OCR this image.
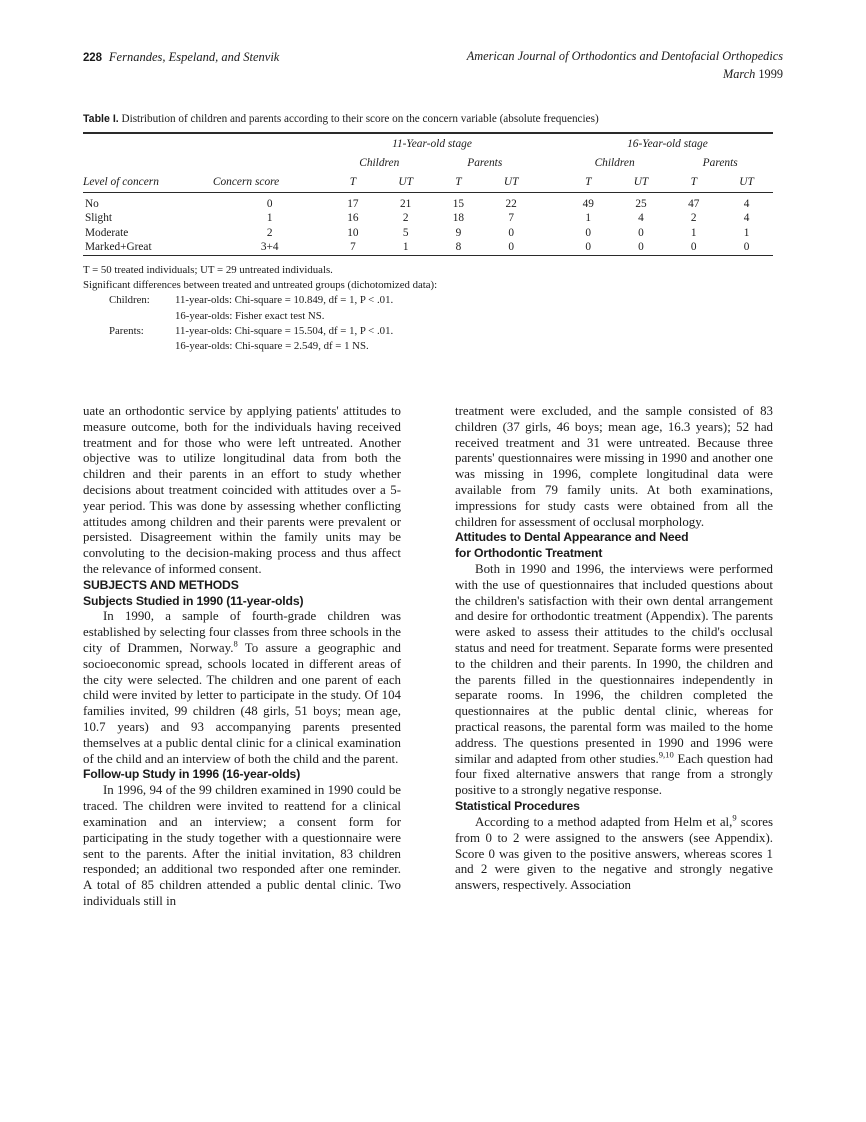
228 Fernandes, Espeland, and Stenvik	American Journal of Orthodontics and Dentofacial Orthopedics
March 1999
Table I. Distribution of children and parents according to their score on the concern variable (absolute frequencies)
		11-Year-old stage					16-Year-old stage			

		Children		Parents			Children		Parents	

Level of concern	Concern score	T	UT	T	UT		T	UT	T	UT

No	0	17	21	15	22		49	25	47	4
Slight	1	16	2	18	7		1	4	2	4
Moderate	2	10	5	9	0		0	0	1	1
Marked+Great	3+4	7	1	8	0		0	0	0	0

T = 50 treated individuals; UT = 29 untreated individuals.
Significant differences between treated and untreated groups (dichotomized data):
Children: 11-year-olds: Chi-square = 10.849, df = 1, P < .01.
16-year-olds: Fisher exact test NS.
Parents:	11-year-olds: Chi-square = 15.504, df = 1, P < .01.
16-year-olds: Chi-square = 2.549, df = 1 NS.

uate an orthodontic service by applying patients' attitudes to measure outcome, both for the individuals having received treatment and for those who were left untreated. Another objective was to utilize longitudinal data from both the children and their parents in an effort to study whether decisions about treatment coincided with attitudes over a 5-year period. This was done by assessing whether conflicting attitudes among children and their parents were prevalent or persisted. Disagreement within the family units may be convoluting to the decision-making process and thus affect the relevance of informed consent.

SUBJECTS AND METHODS
Subjects Studied in 1990 (11-year-olds)

In 1990, a sample of fourth-grade children was established by selecting four classes from three schools in the city of Drammen, Norway.$^8$ To assure a geographic and socioeconomic spread, schools located in different areas of the city were selected. The children and one parent of each child were invited by letter to participate in the study. Of 104 families invited, 99 children (48 girls, 51 boys; mean age, 10.7 years) and 93 accompanying parents presented themselves at a public dental clinic for a clinical examination of the child and an interview of both the child and the parent.

Follow-up Study in 1996 (16-year-olds)

In 1996, 94 of the 99 children examined in 1990 could be traced. The children were invited to reattend for a clinical examination and an interview; a consent form for participating in the study together with a questionnaire were sent to the parents. After the initial invitation, 83 children responded; an additional two responded after one reminder. A total of 85 children attended a public dental clinic. Two individuals still in

treatment were excluded, and the sample consisted of 83 children (37 girls, 46 boys; mean age, 16.3 years); 52 had received treatment and 31 were untreated. Because three parents' questionnaires were missing in 1990 and another one was missing in 1996, complete longitudinal data were available from 79 family units. At both examinations, impressions for study casts were obtained from all the children for assessment of occlusal morphology.

Attitudes to Dental Appearance and Need
for Orthodontic Treatment

Both in 1990 and 1996, the interviews were performed with the use of questionnaires that included questions about the children's satisfaction with their own dental arrangement and desire for orthodontic treatment (Appendix). The parents were asked to assess their attitudes to the child's occlusal status and need for treatment. Separate forms were presented to the children and their parents. In 1990, the children and the parents filled in the questionnaires independently in separate rooms. In 1996, the children completed the questionnaires at the public dental clinic, whereas for practical reasons, the parental form was mailed to the home address. The questions presented in 1990 and 1996 were similar and adapted from other studies.$^{9,10}$ Each question had four fixed alternative answers that range from a strongly positive to a strongly negative response.

Statistical Procedures

According to a method adapted from Helm et al,$^9$ scores from 0 to 2 were assigned to the answers (see Appendix). Score 0 was given to the positive answers, whereas scores 1 and 2 were given to the negative and strongly negative answers, respectively. Association
